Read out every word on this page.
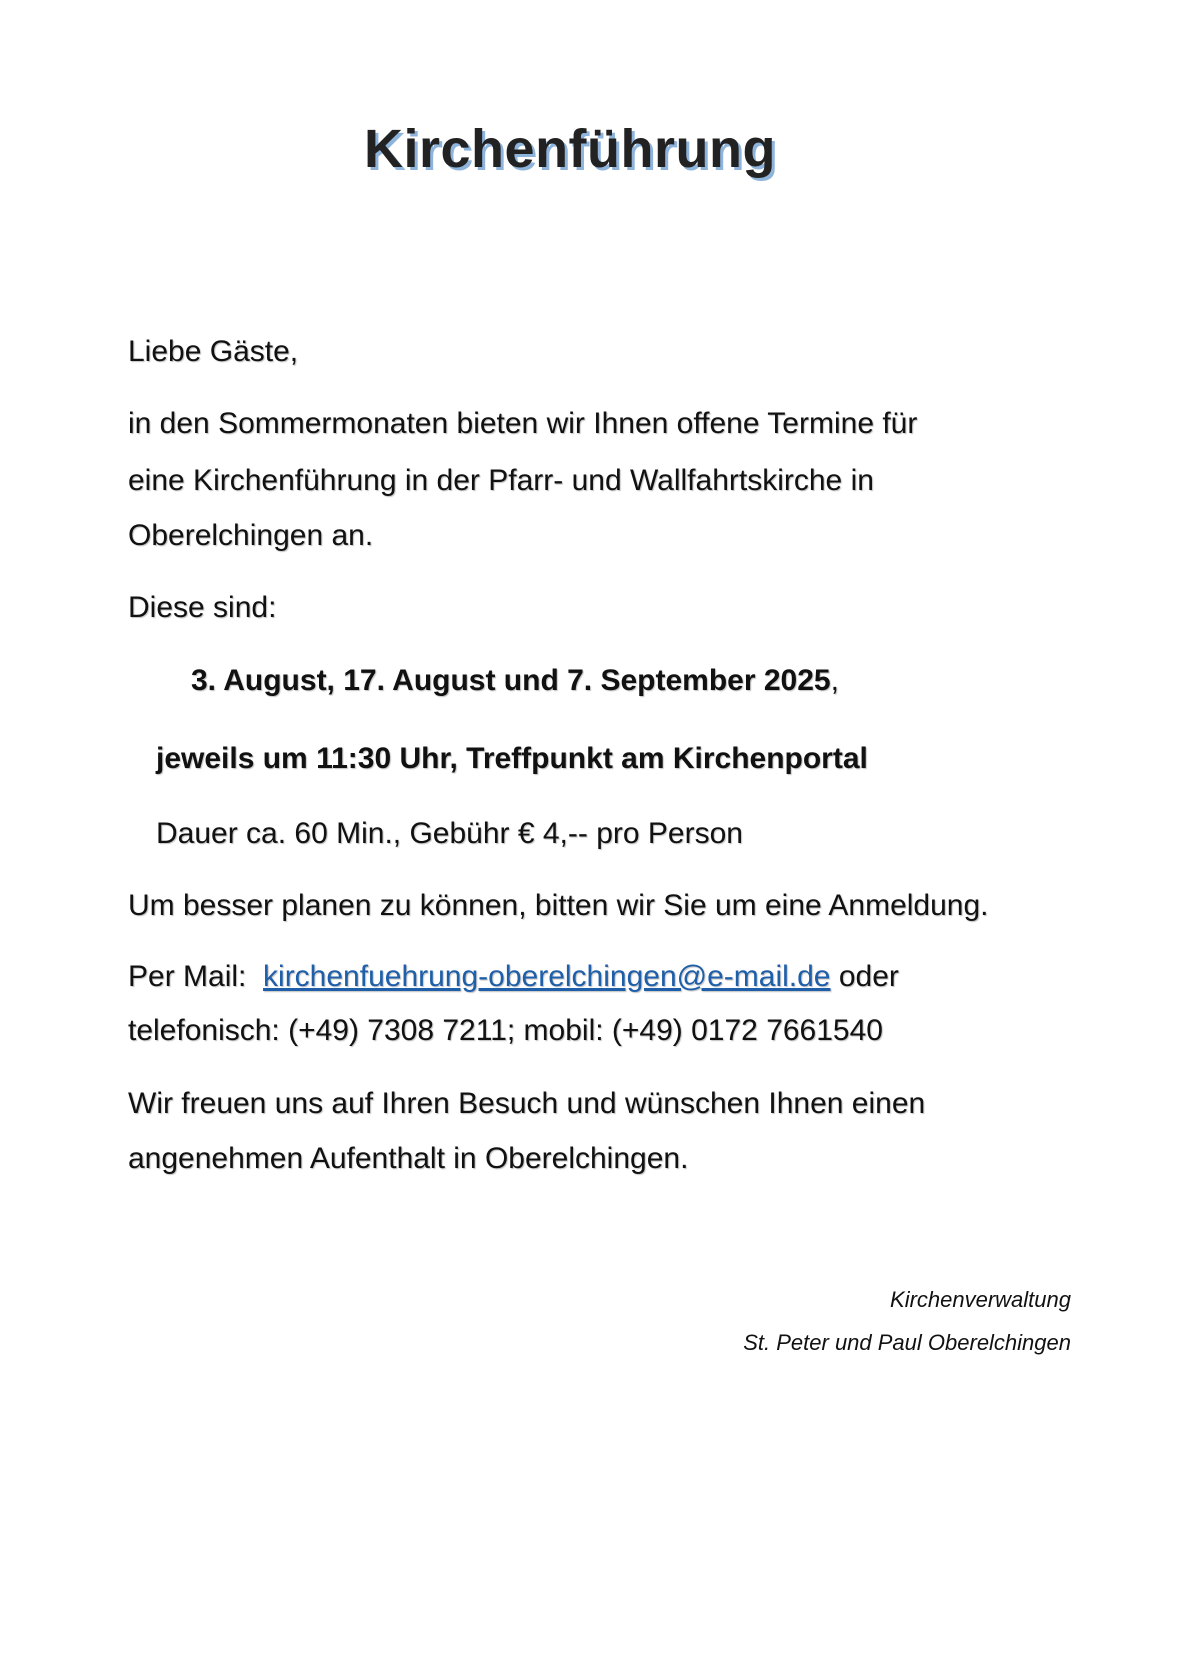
Kirchenführung
Liebe Gäste,
in den Sommermonaten bieten wir Ihnen offene Termine für
eine Kirchenführung in der Pfarr- und Wallfahrtskirche in
Oberelchingen an.
Diese sind:
3. August, 17. August und 7. September 2025,
jeweils um 11:30 Uhr, Treffpunkt am Kirchenportal
Dauer ca. 60 Min., Gebühr € 4,-- pro Person
Um besser planen zu können, bitten wir Sie um eine Anmeldung.
Per Mail: kirchenfuehrung-oberelchingen@e-mail.de oder
telefonisch: (+49) 7308 7211; mobil: (+49) 0172 7661540
Wir freuen uns auf Ihren Besuch und wünschen Ihnen einen
angenehmen Aufenthalt in Oberelchingen.
Kirchenverwaltung
St. Peter und Paul Oberelchingen
